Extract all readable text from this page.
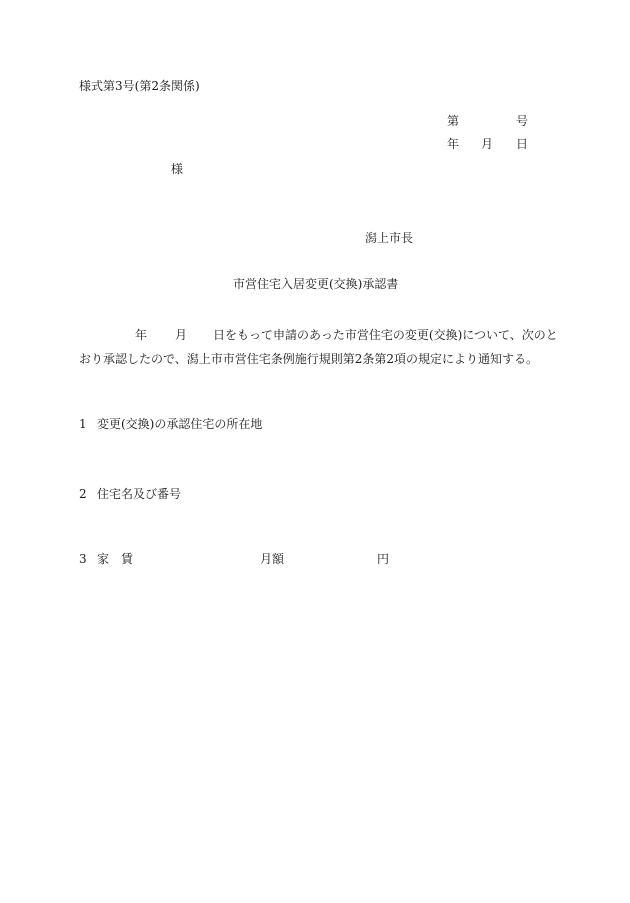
様式第3号(第2条関係)
第	号
年 月 日
様
潟上市長
市営住宅入居変更(交換)承認書
年 月 日をもって申請のあった市営住宅の変更(交換)について、次のと
おり承認したので、潟上市市営住宅条例施行規則第2条第2項の規定により通知する。
1 変更(交換)の承認住宅の所在地
2 住宅名及び番号
3 家 賃	月額	円
